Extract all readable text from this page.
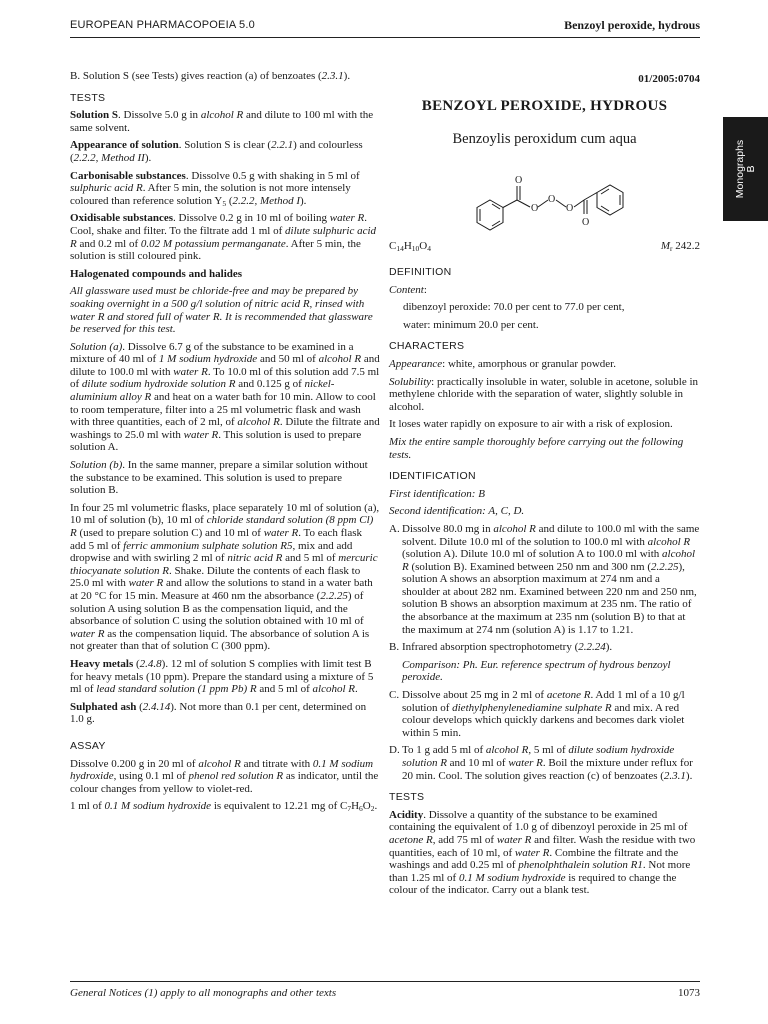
EUROPEAN PHARMACOPOEIA 5.0	Benzoyl peroxide, hydrous
Monographs B
B. Solution S (see Tests) gives reaction (a) of benzoates (2.3.1).
TESTS
Solution S. Dissolve 5.0 g in alcohol R and dilute to 100 ml with the same solvent.
Appearance of solution. Solution S is clear (2.2.1) and colourless (2.2.2, Method II).
Carbonisable substances. Dissolve 0.5 g with shaking in 5 ml of sulphuric acid R. After 5 min, the solution is not more intensely coloured than reference solution $Y_5$ (2.2.2, Method I).
Oxidisable substances. Dissolve 0.2 g in 10 ml of boiling water R. Cool, shake and filter. To the filtrate add 1 ml of dilute sulphuric acid R and 0.2 ml of 0.02 M potassium permanganate. After 5 min, the solution is still coloured pink.
Halogenated compounds and halides
All glassware used must be chloride-free and may be prepared by soaking overnight in a 500 g/l solution of nitric acid R, rinsed with water R and stored full of water R. It is recommended that glassware be reserved for this test.
Solution (a). Dissolve 6.7 g of the substance to be examined in a mixture of 40 ml of 1 M sodium hydroxide and 50 ml of alcohol R and dilute to 100.0 ml with water R. To 10.0 ml of this solution add 7.5 ml of dilute sodium hydroxide solution R and 0.125 g of nickel-aluminium alloy R and heat on a water bath for 10 min. Allow to cool to room temperature, filter into a 25 ml volumetric flask and wash with three quantities, each of 2 ml, of alcohol R. Dilute the filtrate and washings to 25.0 ml with water R. This solution is used to prepare solution A.
Solution (b). In the same manner, prepare a similar solution without the substance to be examined. This solution is used to prepare solution B.
In four 25 ml volumetric flasks, place separately 10 ml of solution (a), 10 ml of solution (b), 10 ml of chloride standard solution (8 ppm Cl) R (used to prepare solution C) and 10 ml of water R. To each flask add 5 ml of ferric ammonium sulphate solution R5, mix and add dropwise and with swirling 2 ml of nitric acid R and 5 ml of mercuric thiocyanate solution R. Shake. Dilute the contents of each flask to 25.0 ml with water R and allow the solutions to stand in a water bath at 20 °C for 15 min. Measure at 460 nm the absorbance (2.2.25) of solution A using solution B as the compensation liquid, and the absorbance of solution C using the solution obtained with 10 ml of water R as the compensation liquid. The absorbance of solution A is not greater than that of solution C (300 ppm).
Heavy metals (2.4.8). 12 ml of solution S complies with limit test B for heavy metals (10 ppm). Prepare the standard using a mixture of 5 ml of lead standard solution (1 ppm Pb) R and 5 ml of alcohol R.
Sulphated ash (2.4.14). Not more than 0.1 per cent, determined on 1.0 g.
ASSAY
Dissolve 0.200 g in 20 ml of alcohol R and titrate with 0.1 M sodium hydroxide, using 0.1 ml of phenol red solution R as indicator, until the colour changes from yellow to violet-red.
1 ml of 0.1 M sodium hydroxide is equivalent to 12.21 mg of $C_7H_6O_2$.
01/2005:0704
BENZOYL PEROXIDE, HYDROUS
Benzoylis peroxidum cum aqua
O
O
O
O
O
$C_{14}H_{10}O_4$	$M_r$ 242.2
DEFINITION
Content:
dibenzoyl peroxide: 70.0 per cent to 77.0 per cent,
water: minimum 20.0 per cent.
CHARACTERS
Appearance: white, amorphous or granular powder.
Solubility: practically insoluble in water, soluble in acetone, soluble in methylene chloride with the separation of water, slightly soluble in alcohol.
It loses water rapidly on exposure to air with a risk of explosion.
Mix the entire sample thoroughly before carrying out the following tests.
IDENTIFICATION
First identification: B
Second identification: A, C, D.
A. Dissolve 80.0 mg in alcohol R and dilute to 100.0 ml with the same solvent. Dilute 10.0 ml of the solution to 100.0 ml with alcohol R (solution A). Dilute 10.0 ml of solution A to 100.0 ml with alcohol R (solution B). Examined between 250 nm and 300 nm (2.2.25), solution A shows an absorption maximum at 274 nm and a shoulder at about 282 nm. Examined between 220 nm and 250 nm, solution B shows an absorption maximum at 235 nm. The ratio of the absorbance at the maximum at 235 nm (solution B) to that at the maximum at 274 nm (solution A) is 1.17 to 1.21.
B. Infrared absorption spectrophotometry (2.2.24).
Comparison: Ph. Eur. reference spectrum of hydrous benzoyl peroxide.
C. Dissolve about 25 mg in 2 ml of acetone R. Add 1 ml of a 10 g/l solution of diethylphenylenediamine sulphate R and mix. A red colour develops which quickly darkens and becomes dark violet within 5 min.
D. To 1 g add 5 ml of alcohol R, 5 ml of dilute sodium hydroxide solution R and 10 ml of water R. Boil the mixture under reflux for 20 min. Cool. The solution gives reaction (c) of benzoates (2.3.1).
TESTS
Acidity. Dissolve a quantity of the substance to be examined containing the equivalent of 1.0 g of dibenzoyl peroxide in 25 ml of acetone R, add 75 ml of water R and filter. Wash the residue with two quantities, each of 10 ml, of water R. Combine the filtrate and the washings and add 0.25 ml of phenolphthalein solution R1. Not more than 1.25 ml of 0.1 M sodium hydroxide is required to change the colour of the indicator. Carry out a blank test.
General Notices (1) apply to all monographs and other texts	1073
